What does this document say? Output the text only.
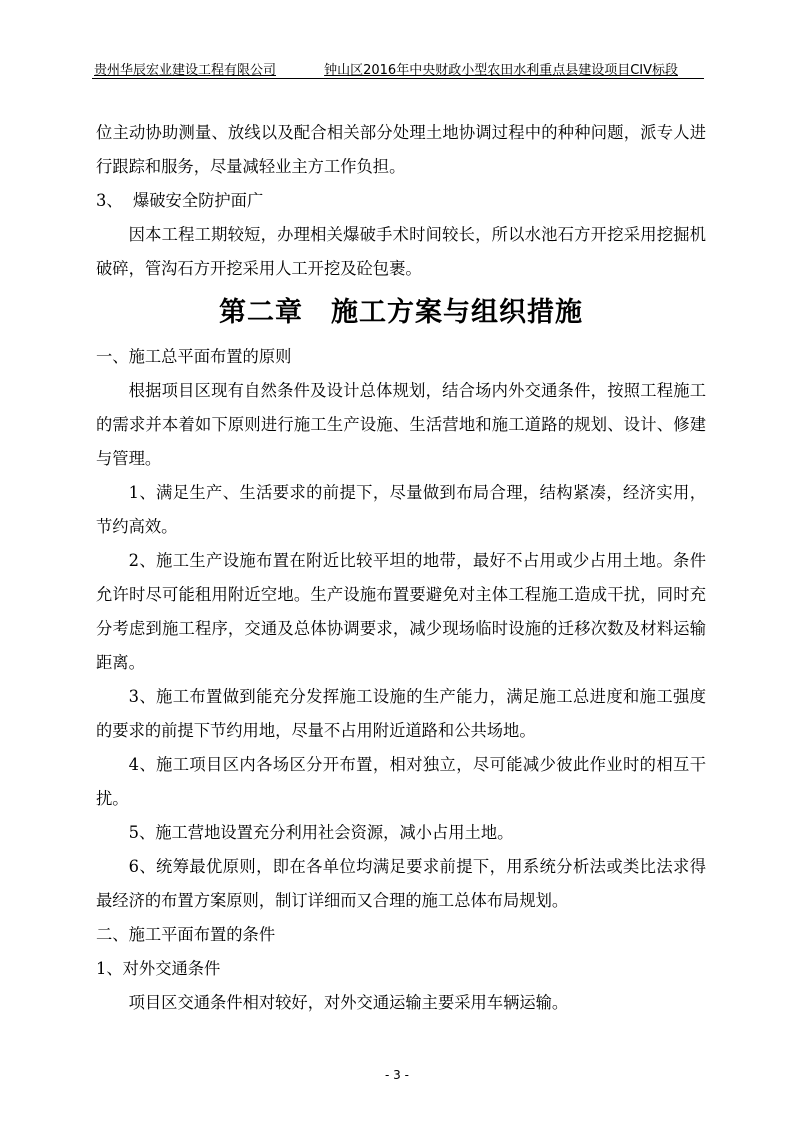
贵州华辰宏业建设工程有限公司	钟山区2016年中央财政小型农田水利重点县建设项目CIV标段

位主动协助测量、放线以及配合相关部分处理土地协调过程中的种种问题，派专人进行跟踪和服务，尽量减轻业主方工作负担。

3、  爆破安全防护面广

因本工程工期较短，办理相关爆破手术时间较长，所以水池石方开挖采用挖掘机破碎，管沟石方开挖采用人工开挖及砼包裹。

第二章　施工方案与组织措施

一、施工总平面布置的原则

根据项目区现有自然条件及设计总体规划，结合场内外交通条件，按照工程施工的需求并本着如下原则进行施工生产设施、生活营地和施工道路的规划、设计、修建与管理。

1、满足生产、生活要求的前提下，尽量做到布局合理，结构紧凑，经济实用，节约高效。

2、施工生产设施布置在附近比较平坦的地带，最好不占用或少占用土地。条件允许时尽可能租用附近空地。生产设施布置要避免对主体工程施工造成干扰，同时充分考虑到施工程序，交通及总体协调要求，减少现场临时设施的迁移次数及材料运输距离。

3、施工布置做到能充分发挥施工设施的生产能力，满足施工总进度和施工强度的要求的前提下节约用地，尽量不占用附近道路和公共场地。

4、施工项目区内各场区分开布置，相对独立，尽可能减少彼此作业时的相互干扰。

5、施工营地设置充分利用社会资源，减小占用土地。

6、统筹最优原则，即在各单位均满足要求前提下，用系统分析法或类比法求得最经济的布置方案原则，制订详细而又合理的施工总体布局规划。

二、施工平面布置的条件

1、对外交通条件

项目区交通条件相对较好，对外交通运输主要采用车辆运输。

- 3 -
